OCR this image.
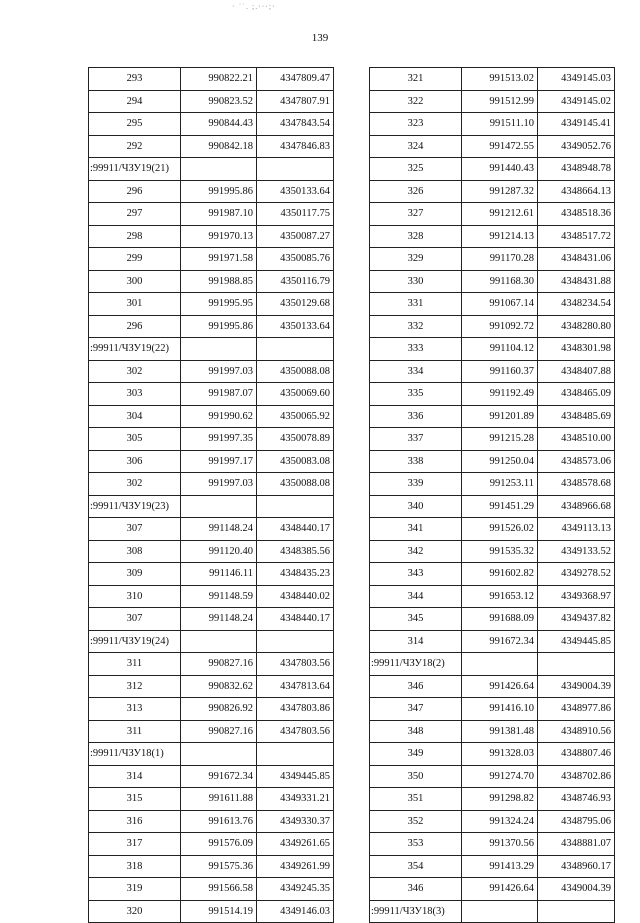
· ˙˙. ;.‧‧‧;‧
139
293	990822.21	4347809.47
294	990823.52	4347807.91
295	990844.43	4347843.54
292	990842.18	4347846.83
:99911/ЧЗУ19(21)		
296	991995.86	4350133.64
297	991987.10	4350117.75
298	991970.13	4350087.27
299	991971.58	4350085.76
300	991988.85	4350116.79
301	991995.95	4350129.68
296	991995.86	4350133.64
:99911/ЧЗУ19(22)		
302	991997.03	4350088.08
303	991987.07	4350069.60
304	991990.62	4350065.92
305	991997.35	4350078.89
306	991997.17	4350083.08
302	991997.03	4350088.08
:99911/ЧЗУ19(23)		
307	991148.24	4348440.17
308	991120.40	4348385.56
309	991146.11	4348435.23
310	991148.59	4348440.02
307	991148.24	4348440.17
:99911/ЧЗУ19(24)		
311	990827.16	4347803.56
312	990832.62	4347813.64
313	990826.92	4347803.86
311	990827.16	4347803.56
:99911/ЧЗУ18(1)		
314	991672.34	4349445.85
315	991611.88	4349331.21
316	991613.76	4349330.37
317	991576.09	4349261.65
318	991575.36	4349261.99
319	991566.58	4349245.35
320	991514.19	4349146.03
321	991513.02	4349145.03
322	991512.99	4349145.02
323	991511.10	4349145.41
324	991472.55	4349052.76
325	991440.43	4348948.78
326	991287.32	4348664.13
327	991212.61	4348518.36
328	991214.13	4348517.72
329	991170.28	4348431.06
330	991168.30	4348431.88
331	991067.14	4348234.54
332	991092.72	4348280.80
333	991104.12	4348301.98
334	991160.37	4348407.88
335	991192.49	4348465.09
336	991201.89	4348485.69
337	991215.28	4348510.00
338	991250.04	4348573.06
339	991253.11	4348578.68
340	991451.29	4348966.68
341	991526.02	4349113.13
342	991535.32	4349133.52
343	991602.82	4349278.52
344	991653.12	4349368.97
345	991688.09	4349437.82
314	991672.34	4349445.85
:99911/ЧЗУ18(2)		
346	991426.64	4349004.39
347	991416.10	4348977.86
348	991381.48	4348910.56
349	991328.03	4348807.46
350	991274.70	4348702.86
351	991298.82	4348746.93
352	991324.24	4348795.06
353	991370.56	4348881.07
354	991413.29	4348960.17
346	991426.64	4349004.39
:99911/ЧЗУ18(3)		
